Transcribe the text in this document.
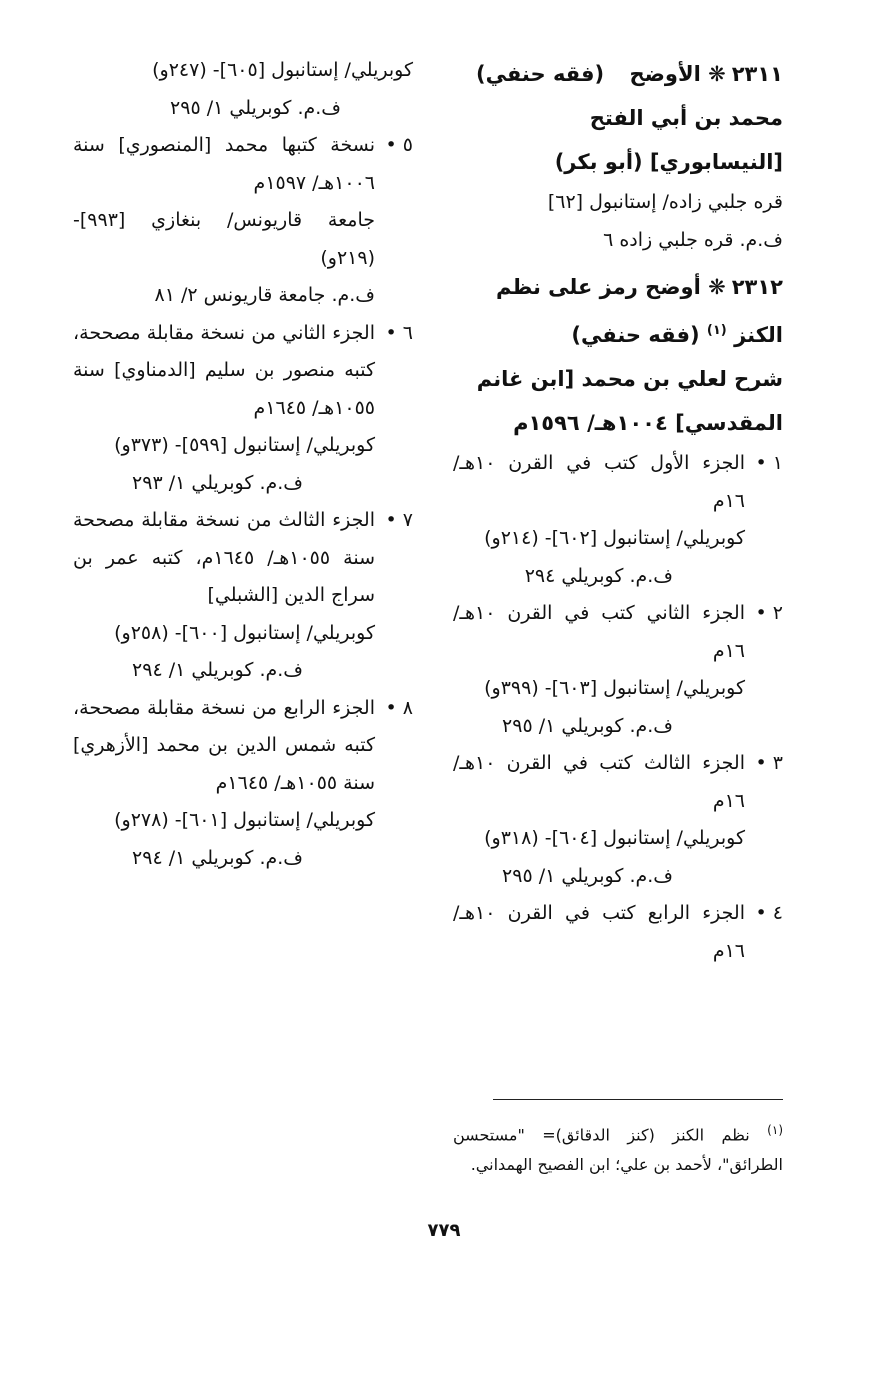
٢٣١١❋ الأوضح (فقه حنفي)
محمد بن أبي الفتح
[النيسابوري] (أبو بكر)
قره جلبي زاده/ إستانبول [٦٢]
ف.م. قره جلبي زاده ٦
٢٣١٢❋ أوضح رمز على نظم
الكنز $^{(١)}$ (فقه حنفي)
شرح لعلي بن محمد [ابن غانم
المقدسي] ١٠٠٤هـ/ ١٥٩٦م
١ •
الجزء الأول كتب في القرن ١٠هـ/ ١٦م
كوبريلي/ إستانبول [٦٠٢]- (٢١٤و)
ف.م. كوبريلي ٢٩٤
٢ •
الجزء الثاني كتب في القرن ١٠هـ/ ١٦م
كوبريلي/ إستانبول [٦٠٣]- (٣٩٩و)
ف.م. كوبريلي ١/ ٢٩٥
٣ •
الجزء الثالث كتب في القرن ١٠هـ/ ١٦م
كوبريلي/ إستانبول [٦٠٤]- (٣١٨و)
ف.م. كوبريلي ١/ ٢٩٥
٤ •
الجزء الرابع كتب في القرن ١٠هـ/ ١٦م
كوبريلي/ إستانبول [٦٠٥]- (٢٤٧و)
ف.م. كوبريلي ١/ ٢٩٥
٥ •
نسخة كتبها محمد [المنصوري] سنة ١٠٠٦هـ/ ١٥٩٧م
جامعة قاريونس/ بنغازي [٩٩٣]- (٢١٩و)
ف.م. جامعة قاريونس ٢/ ٨١
٦ •
الجزء الثاني من نسخة مقابلة مصححة، كتبه منصور بن سليم [الدمناوي] سنة ١٠٥٥هـ/ ١٦٤٥م
كوبريلي/ إستانبول [٥٩٩]- (٣٧٣و)
ف.م. كوبريلي ١/ ٢٩٣
٧ •
الجزء الثالث من نسخة مقابلة مصححة سنة ١٠٥٥هـ/ ١٦٤٥م، كتبه عمر بن سراج الدين [الشبلي]
كوبريلي/ إستانبول [٦٠٠]- (٢٥٨و)
ف.م. كوبريلي ١/ ٢٩٤
٨ •
الجزء الرابع من نسخة مقابلة مصححة، كتبه شمس الدين بن محمد [الأزهري] سنة ١٠٥٥هـ/ ١٦٤٥م
كوبريلي/ إستانبول [٦٠١]- (٢٧٨و)
ف.م. كوبريلي ١/ ٢٩٤
$^{(١)}$ نظم الكنز (كنز الدقائق)= "مستحسن الطرائق"، لأحمد بن علي؛ ابن الفصيح الهمداني.
٧٧٩
